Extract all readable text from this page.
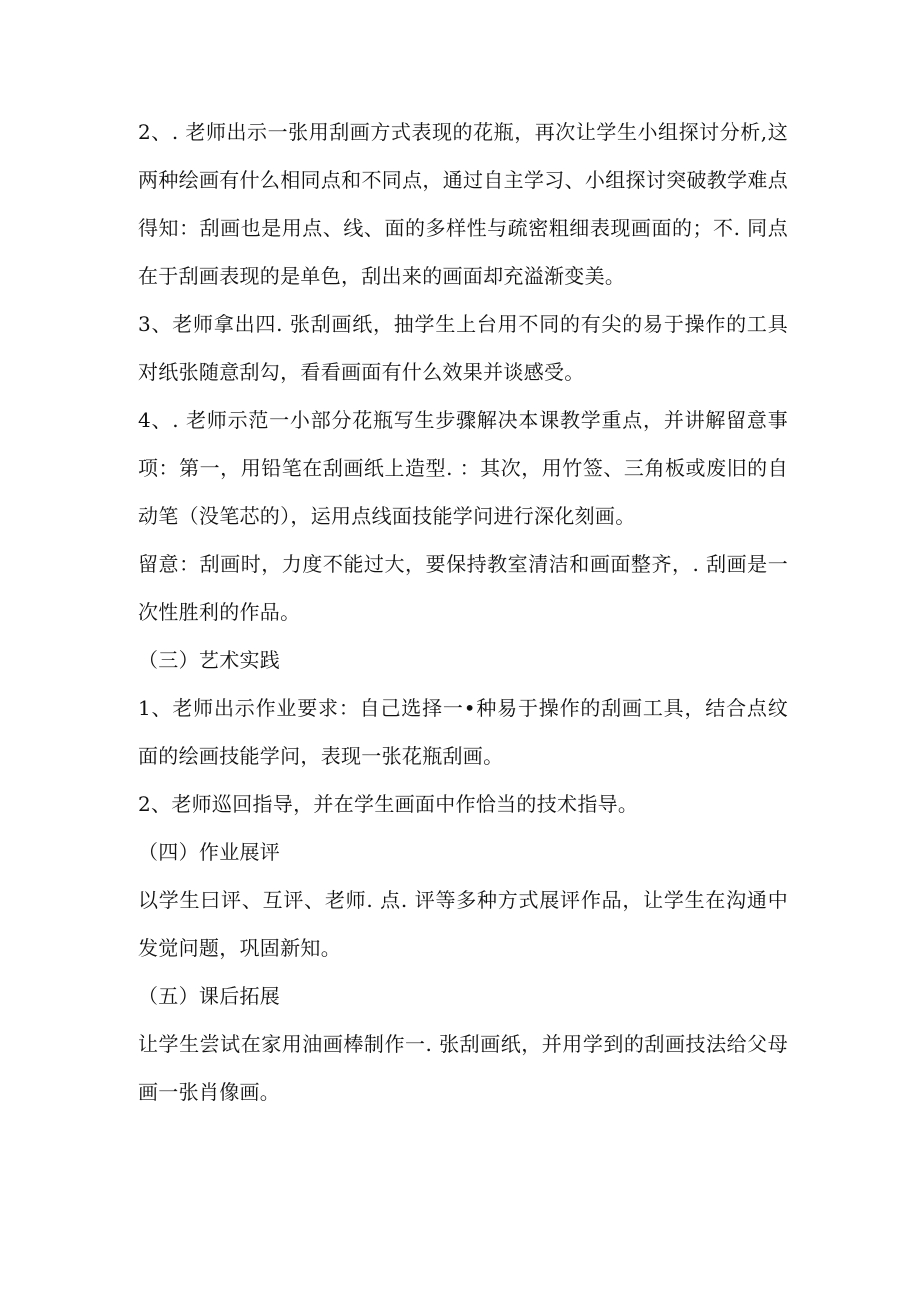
2、. 老师出示一张用刮画方式表现的花瓶，再次让学生小组探讨分析,这两种绘画有什么相同点和不同点，通过自主学习、小组探讨突破教学难点得知：刮画也是用点、线、面的多样性与疏密粗细表现画面的；不. 同点在于刮画表现的是单色，刮出来的画面却充溢渐变美。

3、老师拿出四. 张刮画纸，抽学生上台用不同的有尖的易于操作的工具对纸张随意刮勾，看看画面有什么效果并谈感受。

4、. 老师示范一小部分花瓶写生步骤解决本课教学重点，并讲解留意事项：第一，用铅笔在刮画纸上造型. ：其次，用竹签、三角板或废旧的自动笔（没笔芯的），运用点线面技能学问进行深化刻画。

留意：刮画时，力度不能过大，要保持教室清洁和画面整齐，. 刮画是一次性胜利的作品。

（三）艺术实践

1、老师出示作业要求：自己选择一•种易于操作的刮画工具，结合点纹面的绘画技能学问，表现一张花瓶刮画。

2、老师巡回指导，并在学生画面中作恰当的技术指导。

（四）作业展评

以学生曰评、互评、老师. 点. 评等多种方式展评作品，让学生在沟通中发觉问题，巩固新知。

（五）课后拓展

让学生尝试在家用油画棒制作一. 张刮画纸，并用学到的刮画技法给父母画一张肖像画。
